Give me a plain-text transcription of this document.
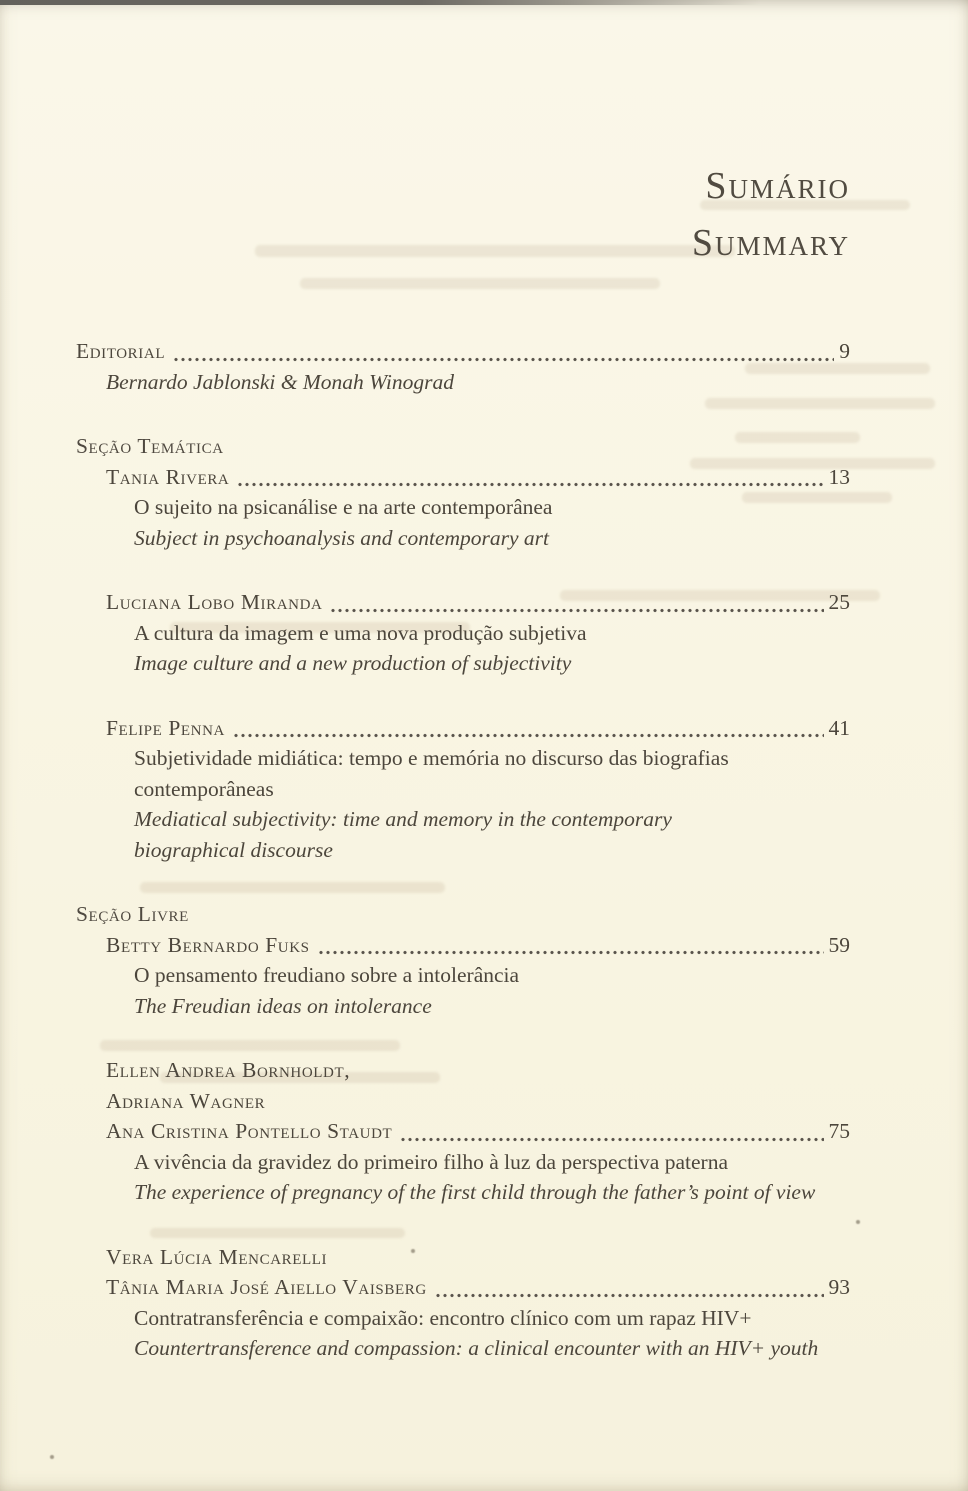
Sumário
Summary
Editorial	9
Bernardo Jablonski & Monah Winograd
Seção Temática
Tania Rivera	13
O sujeito na psicanálise e na arte contemporânea
Subject in psychoanalysis and contemporary art
Luciana Lobo Miranda	25
A cultura da imagem e uma nova produção subjetiva
Image culture and a new production of subjectivity
Felipe Penna	41
Subjetividade midiática: tempo e memória no discurso das biografias
contemporâneas
Mediatical subjectivity: time and memory in the contemporary
biographical discourse
Seção Livre
Betty Bernardo Fuks	59
O pensamento freudiano sobre a intolerância
The Freudian ideas on intolerance
Ellen Andrea Bornholdt,
Adriana Wagner
Ana Cristina Pontello Staudt	75
A vivência da gravidez do primeiro filho à luz da perspectiva paterna
The experience of pregnancy of the first child through the father’s point of view
Vera Lúcia Mencarelli
Tânia Maria José Aiello Vaisberg	93
Contratransferência e compaixão: encontro clínico com um rapaz HIV+
Countertransference and compassion: a clinical encounter with an HIV+ youth
